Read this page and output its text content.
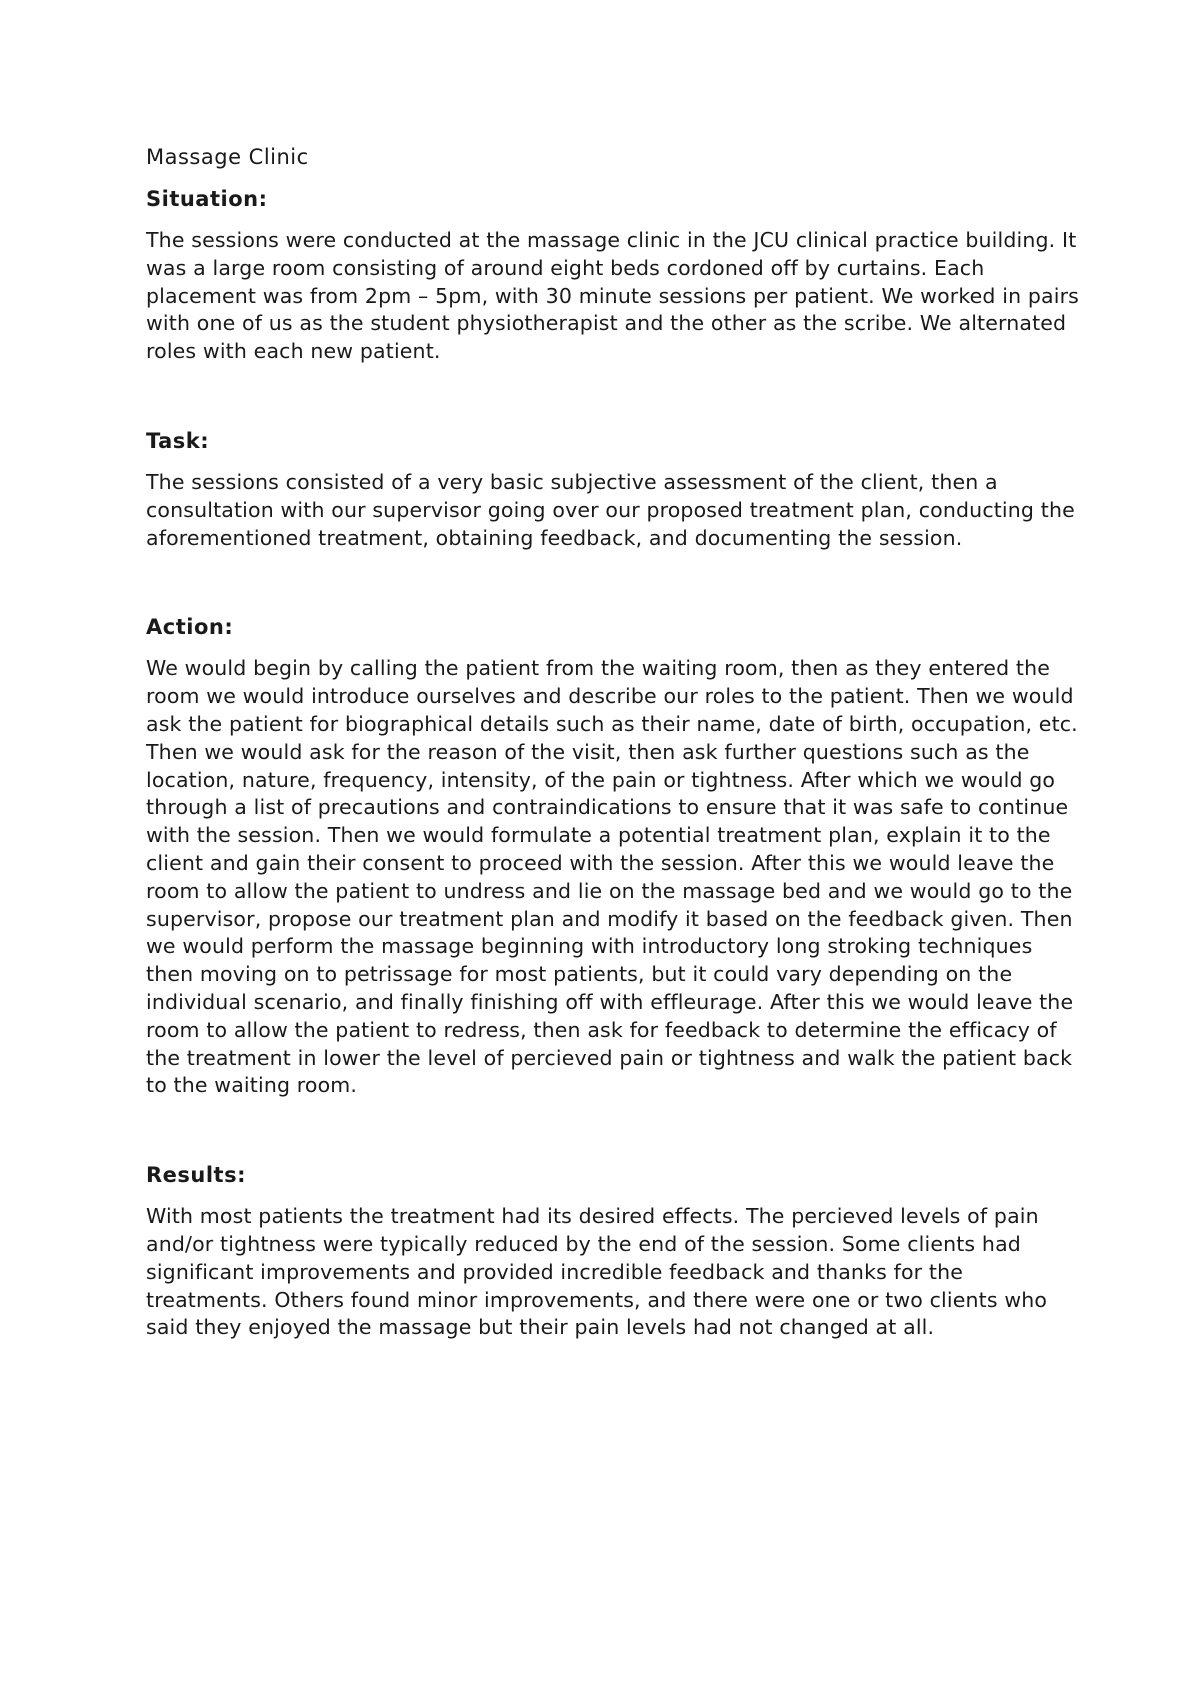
Massage Clinic
Situation:

The sessions were conducted at the massage clinic in the JCU clinical practice building. It was a large room consisting of around eight beds cordoned off by curtains. Each placement was from 2pm – 5pm, with 30 minute sessions per patient. We worked in pairs with one of us as the student physiotherapist and the other as the scribe. We alternated roles with each new patient.

Task:

The sessions consisted of a very basic subjective assessment of the client, then a consultation with our supervisor going over our proposed treatment plan, conducting the aforementioned treatment, obtaining feedback, and documenting the session.

Action:

We would begin by calling the patient from the waiting room, then as they entered the room we would introduce ourselves and describe our roles to the patient. Then we would ask the patient for biographical details such as their name, date of birth, occupation, etc. Then we would ask for the reason of the visit, then ask further questions such as the location, nature, frequency, intensity, of the pain or tightness. After which we would go through a list of precautions and contraindications to ensure that it was safe to continue with the session. Then we would formulate a potential treatment plan, explain it to the client and gain their consent to proceed with the session. After this we would leave the room to allow the patient to undress and lie on the massage bed and we would go to the supervisor, propose our treatment plan and modify it based on the feedback given. Then we would perform the massage beginning with introductory long stroking techniques then moving on to petrissage for most patients, but it could vary depending on the individual scenario, and finally finishing off with effleurage. After this we would leave the room to allow the patient to redress, then ask for feedback to determine the efficacy of the treatment in lower the level of percieved pain or tightness and walk the patient back to the waiting room.

Results:

With most patients the treatment had its desired effects. The percieved levels of pain and/or tightness were typically reduced by the end of the session. Some clients had significant improvements and provided incredible feedback and thanks for the treatments. Others found minor improvements, and there were one or two clients who said they enjoyed the massage but their pain levels had not changed at all.
